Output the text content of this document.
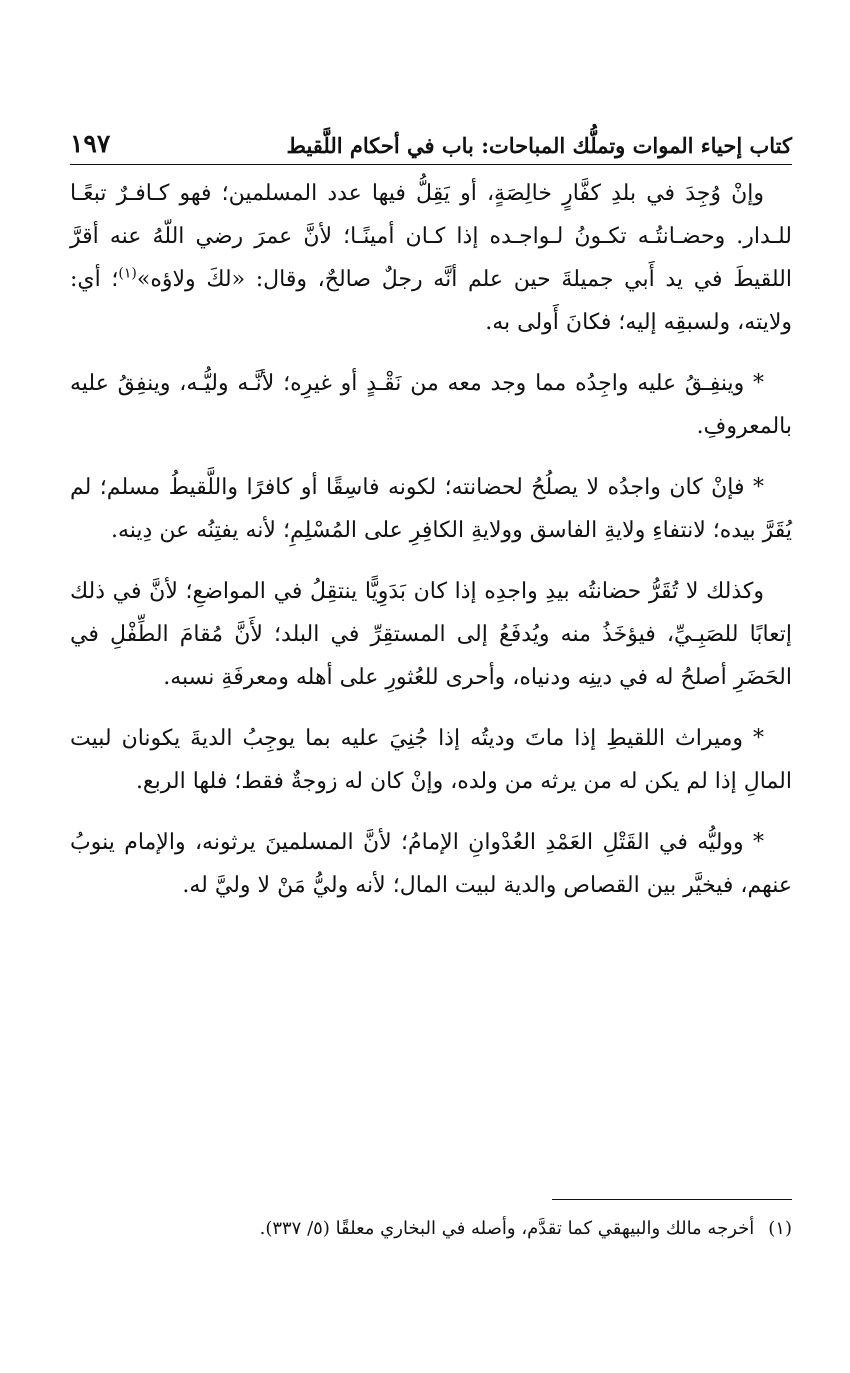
كتاب إحياء الموات وتملُّك المباحات: باب في أحكام اللَّقيط
١٩٧

وإنْ وُجِدَ في بلدِ كفَّارٍ خالِصَةٍ، أو يَقِلُّ فيها عدد المسلمين؛ فهو كـافـرٌ تبعًـا للـدار. وحضـانتُـه تكـونُ لـواجـده إذا كـان أمينًـا؛ لأنَّ عمرَ رضي اللّهُ عنه أقرَّ اللقيطَ في يد أَبي جميلةَ حين علم أنَّه رجلٌ صالحٌ، وقال: «لكَ ولاؤه»$^{(١)}$؛ أي: ولايته، ولسبقِه إليه؛ فكانَ أَولى به.

* وينفِـقُ عليه واجِدُه مما وجد معه من نَقْـدٍ أو غيرِه؛ لأنَّـه وليُّـه، وينفِقُ عليه بالمعروفِ.

* فإنْ كان واجدُه لا يصلُحُ لحضانته؛ لكونه فاسِقًا أو كافرًا واللَّقيطُ مسلم؛ لم يُقَرَّ بيده؛ لانتفاءِ ولايةِ الفاسق وولايةِ الكافِرِ على المُسْلِمِ؛ لأنه يفتِنُه عن دِينه.

وكذلك لا تُقَرُّ حضانتُه بيدِ واجدِه إذا كان بَدَوِيًّا ينتقِلُ في المواضعِ؛ لأنَّ في ذلك إتعابًا للصَبِـيِّ، فيؤخَذُ منه ويُدفَعُ إلى المستقِرِّ في البلد؛ لأَنَّ مُقامَ الطِّفْلِ في الحَضَرِ أصلحُ له في دينِه ودنياه، وأحرى للعُثورِ على أهله ومعرفَةِ نسبه.

* وميراث اللقيطِ إذا ماتَ وديتُه إذا جُنِيَ عليه بما يوجِبُ الديةَ يكونان لبيت المالِ إذا لم يكن له من يرثه من ولده، وإنْ كان له زوجةٌ فقط؛ فلها الربع.

* ووليُّه في القَتْلِ العَمْدِ العُدْوانِ الإمامُ؛ لأنَّ المسلمينَ يرثونه، والإمام ينوبُ عنهم، فيخيَّر بين القصاص والدية لبيت المال؛ لأنه وليُّ مَنْ لا وليَّ له.

(١)أخرجه مالك والبيهقي كما تقدَّم، وأصله في البخاري معلقًا (٥/ ٣٣٧).
